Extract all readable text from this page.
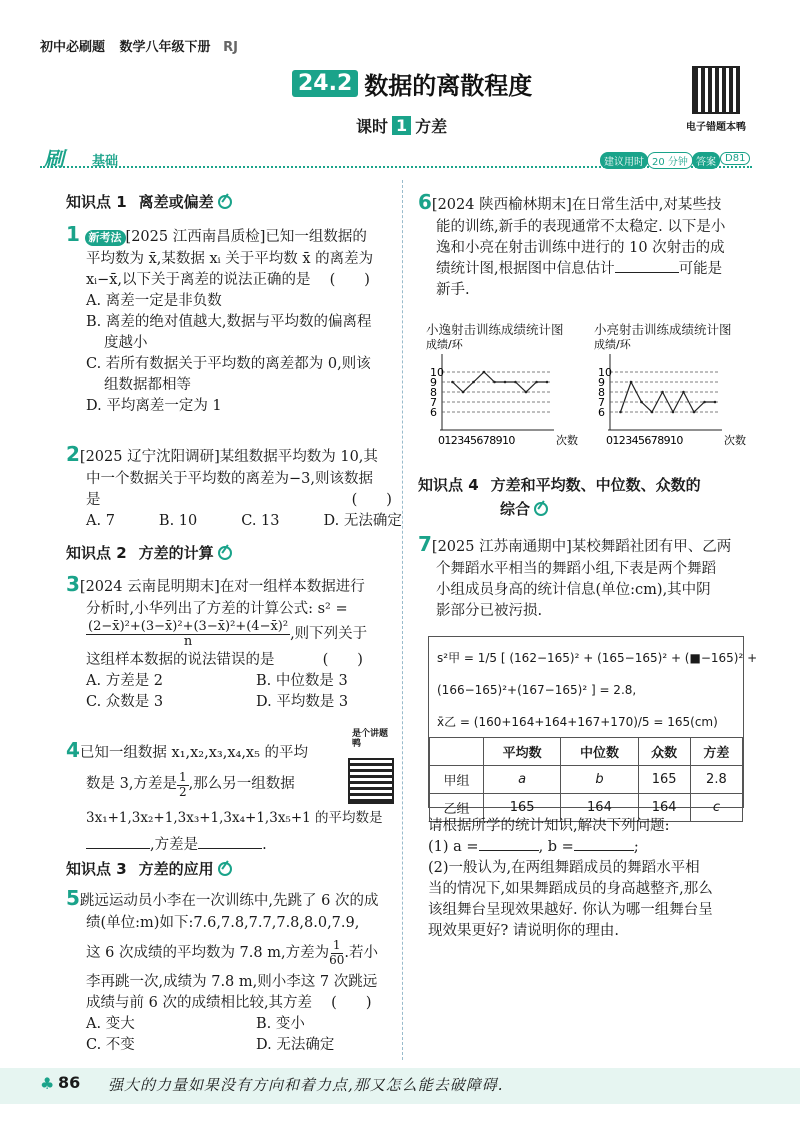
初中必刷题 数学八年级下册 RJ
24.2 数据的离散程度
课时 1 方差	电子错题本鸭
刷 基础	建议用时 20 分钟 答案 D81
知识点 1 离差或偏差
1 新考法 [2025 江西南昌质检]已知一组数据的
平均数为 x̄,某数据 xᵢ 关于平均数 x̄ 的离差为
xᵢ−x̄,以下关于离差的说法正确的是 　(　　)
A. 离差一定是非负数
B. 离差的绝对值越大,数据与平均数的偏离程
度越小
C. 若所有数据关于平均数的离差都为 0,则该
组数据都相等
D. 平均离差一定为 1
2[2025 辽宁沈阳调研]某组数据平均数为 10,其
中一个数据关于平均数的离差为−3,则该数据
是 　　　　　　　　　　　　　　　　　(　　)
A. 7	B. 10	C. 13	D. 无法确定
知识点 2 方差的计算
3[2024 云南昆明期末]在对一组样本数据进行
分析时,小华列出了方差的计算公式: s² =
$\frac{\text{(2−x̄)²+(3−x̄)²+(3−x̄)²+(4−x̄)²}}{n}$ ,则下列关于
这组样本数据的说法错误的是 　　　(　　)
A. 方差是 2	B. 中位数是 3
C. 众数是 3	D. 平均数是 3
4已知一组数据 x₁,x₂,x₃,x₄,x₅ 的平均
数是 3,方差是 $\frac{1}{2}$ ,那么另一组数据
3x₁+1,3x₂+1,3x₃+1,3x₄+1,3x₅+1 的平均数是
,方差是	.
是个讲题鸭
知识点 3 方差的应用
5跳远运动员小李在一次训练中,先跳了 6 次的成
绩(单位:m)如下:7.6,7.8,7.7,7.8,8.0,7.9,
这 6 次成绩的平均数为 7.8 m,方差为 $\frac{1}{60}$ .若小
李再跳一次,成绩为 7.8 m,则小李这 7 次跳远
成绩与前 6 次的成绩相比较,其方差 　(　　)
A. 变大	B. 变小
C. 不变	D. 无法确定
6[2024 陕西榆林期末]在日常生活中,对某些技
能的训练,新手的表现通常不太稳定. 以下是小
逸和小亮在射击训练中进行的 10 次射击的成
绩统计图,根据图中信息估计	可能是
新手.
小逸射击训练成绩统计图 小亮射击训练成绩统计图
成绩/环
6
7
8
9
10
012345678910	次数
成绩/环
6
7
8
9
10
012345678910	次数
知识点 4 方差和平均数、中位数、众数的
综合
7[2025 江苏南通期中]某校舞蹈社团有甲、乙两
个舞蹈水平相当的舞蹈小组,下表是两个舞蹈
小组成员身高的统计信息(单位:cm),其中阴
影部分已被污损.
s²甲 = 1/5 [ (162−165)² + (165−165)² + (■−165)² +
(166−165)²+(167−165)² ] = 2.8,
x̄乙 = (160+164+164+167+170)/5 = 165(cm)
	平均数	中位数	众数	方差
甲组	a	b	165	2.8
乙组	165	164	164	c
请根据所学的统计知识,解决下列问题:
(1) a =	, b =	;
(2)一般认为,在两组舞蹈成员的舞蹈水平相
当的情况下,如果舞蹈成员的身高越整齐,那么
该组舞台呈现效果越好. 你认为哪一组舞台呈
现效果更好? 请说明你的理由.
♣ 86 强大的力量如果没有方向和着力点,那又怎么能去破障碍.
